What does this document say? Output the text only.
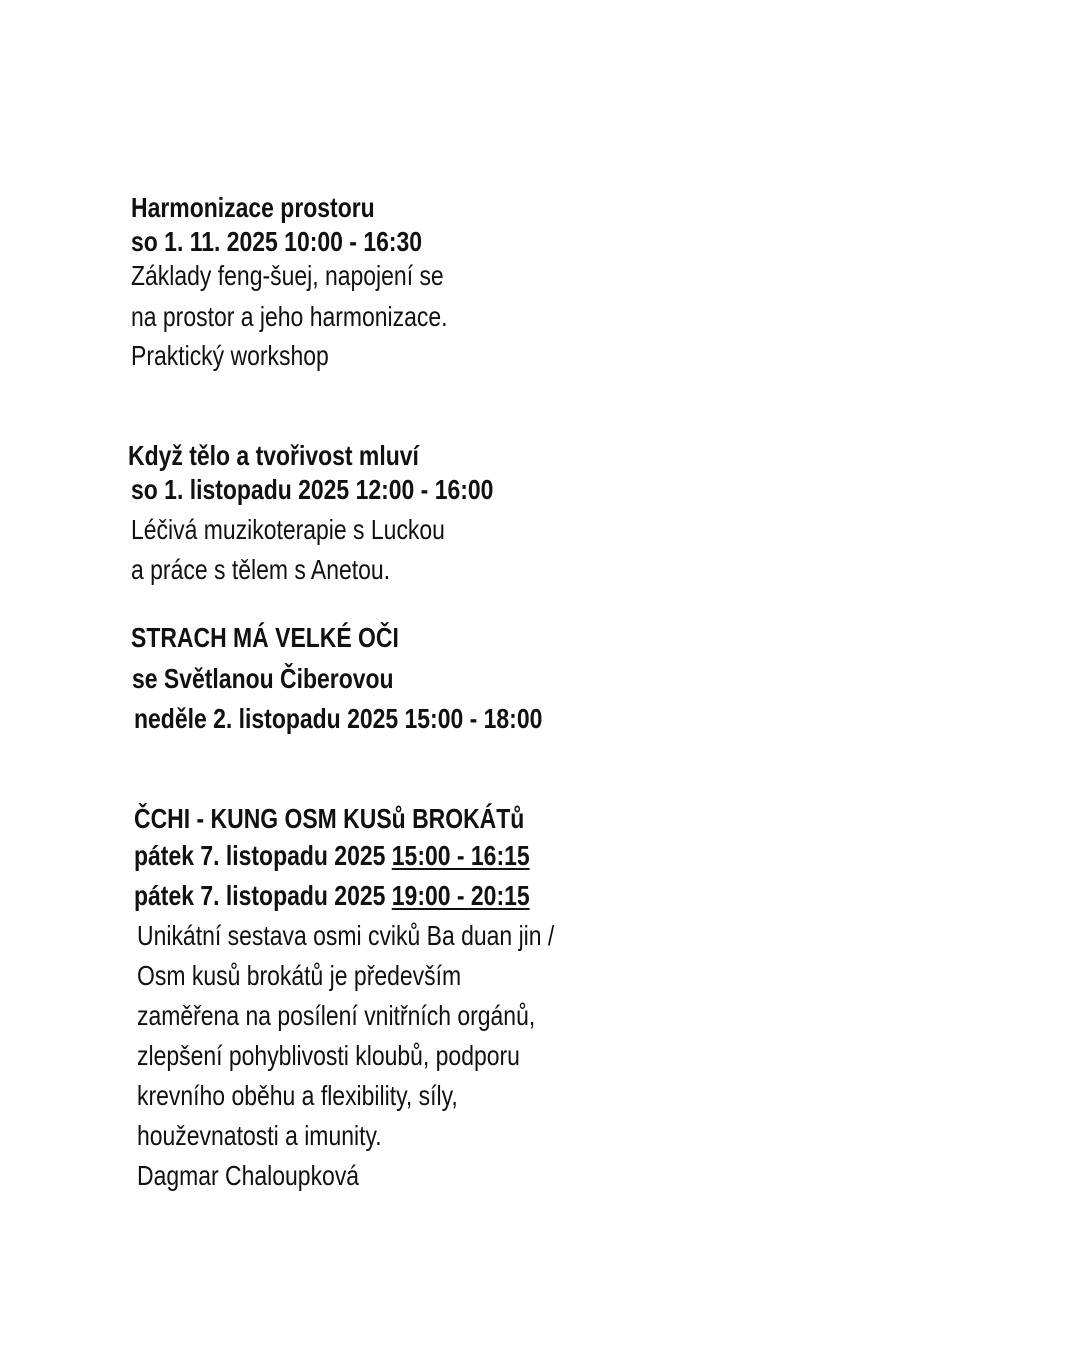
Harmonizace prostoru
so 1. 11. 2025 10:00 - 16:30
Základy feng-šuej, napojení se
na prostor a jeho harmonizace.
Praktický workshop
Když tělo a tvořivost mluví
so 1. listopadu 2025 12:00 - 16:00
Léčivá muzikoterapie s Luckou
a práce s tělem s Anetou.
STRACH MÁ VELKÉ OČI
se Světlanou Čiberovou
neděle 2. listopadu 2025 15:00 - 18:00
ČCHI - KUNG OSM KUSů BROKÁTů
pátek 7. listopadu 2025 15:00 - 16:15
pátek 7. listopadu 2025 19:00 - 20:15
Unikátní sestava osmi cviků Ba duan jin /
Osm kusů brokátů je především
zaměřena na posílení vnitřních orgánů,
zlepšení pohyblivosti kloubů, podporu
krevního oběhu a flexibility, síly,
houževnatosti a imunity.
Dagmar Chaloupková
